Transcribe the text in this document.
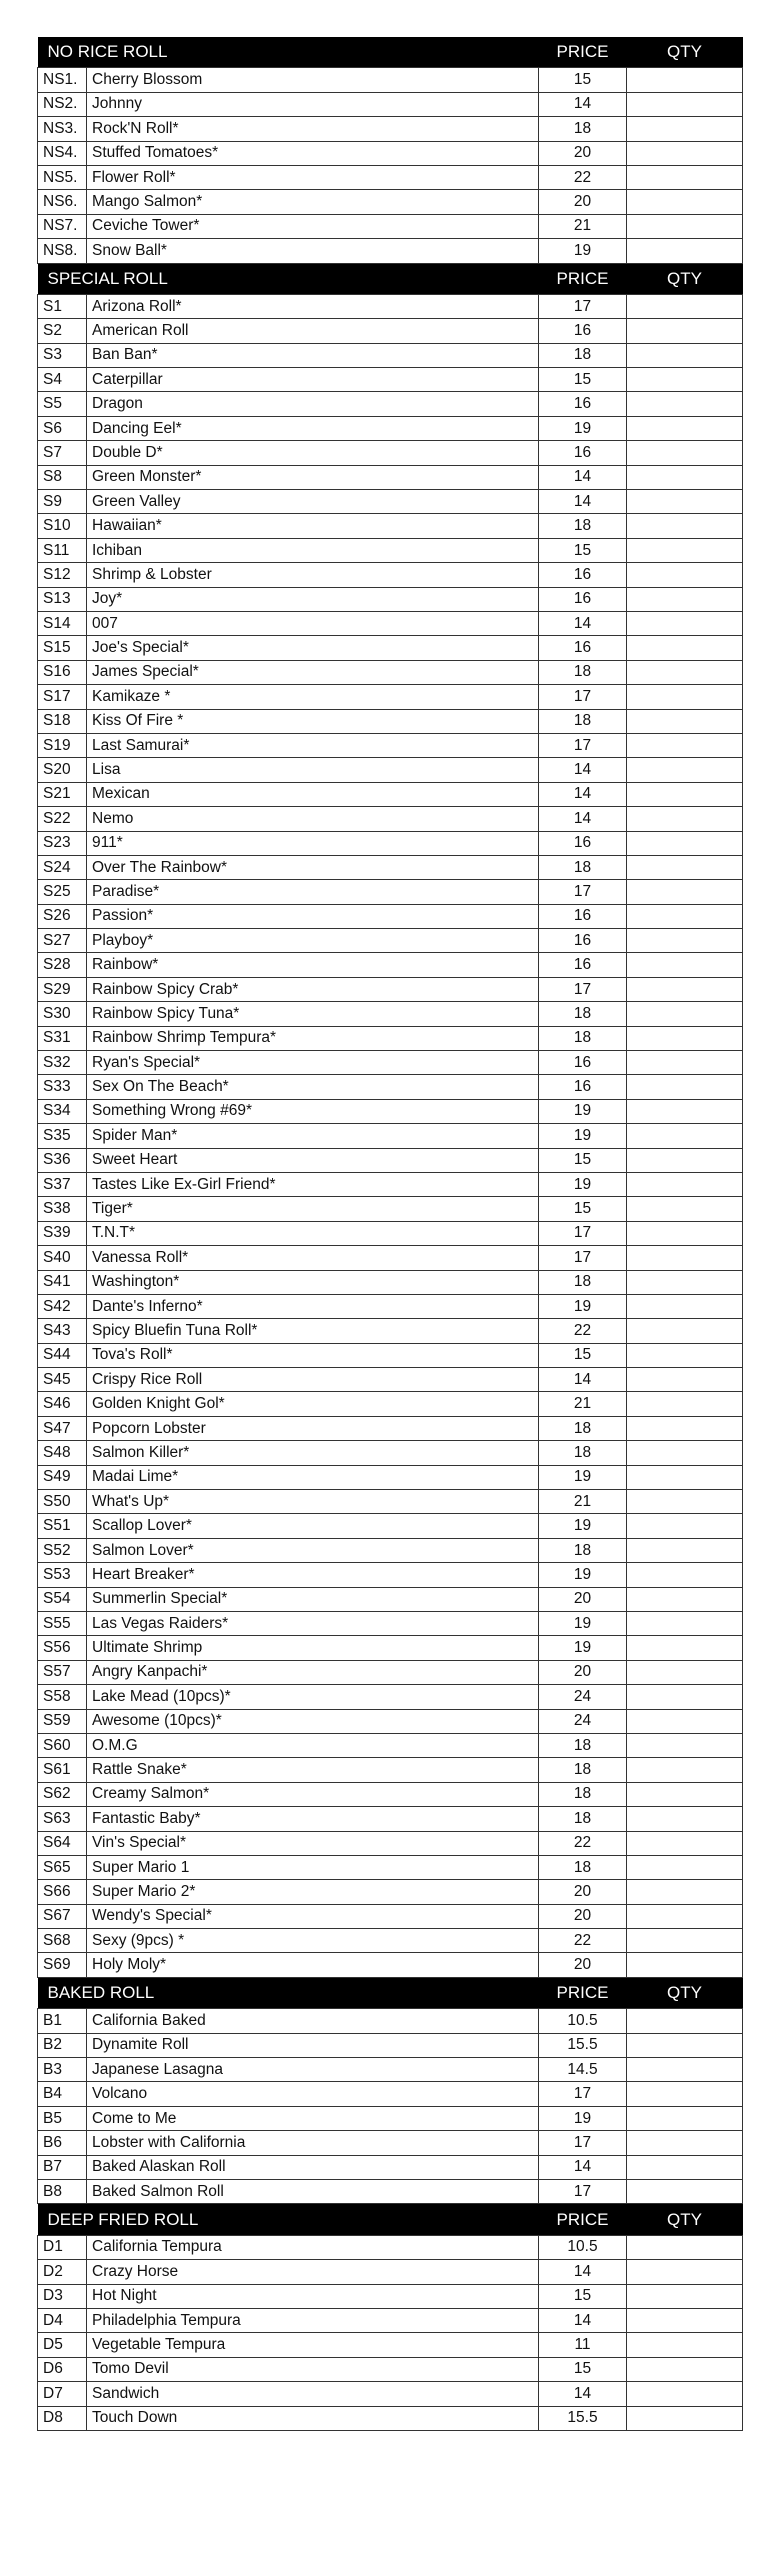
NO RICE ROLL		PRICE	QTY
NS1.	Cherry Blossom	15	
NS2.	Johnny	14	
NS3.	Rock'N Roll*	18	
NS4.	Stuffed Tomatoes*	20	
NS5.	Flower Roll*	22	
NS6.	Mango Salmon*	20	
NS7.	Ceviche Tower*	21	
NS8.	Snow Ball*	19	
SPECIAL ROLL		PRICE	QTY
S1	Arizona Roll*	17	
S2	American Roll	16	
S3	Ban Ban*	18	
S4	Caterpillar	15	
S5	Dragon	16	
S6	Dancing Eel*	19	
S7	Double D*	16	
S8	Green Monster*	14	
S9	Green Valley	14	
S10	Hawaiian*	18	
S11	Ichiban	15	
S12	Shrimp & Lobster	16	
S13	Joy*	16	
S14	007	14	
S15	Joe's Special*	16	
S16	James Special*	18	
S17	Kamikaze *	17	
S18	Kiss Of Fire *	18	
S19	Last Samurai*	17	
S20	Lisa	14	
S21	Mexican	14	
S22	Nemo	14	
S23	911*	16	
S24	Over The Rainbow*	18	
S25	Paradise*	17	
S26	Passion*	16	
S27	Playboy*	16	
S28	Rainbow*	16	
S29	Rainbow Spicy Crab*	17	
S30	Rainbow Spicy Tuna*	18	
S31	Rainbow Shrimp Tempura*	18	
S32	Ryan's Special*	16	
S33	Sex On The Beach*	16	
S34	Something Wrong #69*	19	
S35	Spider Man*	19	
S36	Sweet Heart	15	
S37	Tastes Like Ex-Girl Friend*	19	
S38	Tiger*	15	
S39	T.N.T*	17	
S40	Vanessa Roll*	17	
S41	Washington*	18	
S42	Dante's Inferno*	19	
S43	Spicy Bluefin Tuna Roll*	22	
S44	Tova's Roll*	15	
S45	Crispy Rice Roll	14	
S46	Golden Knight Gol*	21	
S47	Popcorn Lobster	18	
S48	Salmon Killer*	18	
S49	Madai Lime*	19	
S50	What's Up*	21	
S51	Scallop Lover*	19	
S52	Salmon Lover*	18	
S53	Heart Breaker*	19	
S54	Summerlin Special*	20	
S55	Las Vegas Raiders*	19	
S56	Ultimate Shrimp	19	
S57	Angry Kanpachi*	20	
S58	Lake Mead (10pcs)*	24	
S59	Awesome (10pcs)*	24	
S60	O.M.G	18	
S61	Rattle Snake*	18	
S62	Creamy Salmon*	18	
S63	Fantastic Baby*	18	
S64	Vin's Special*	22	
S65	Super Mario 1	18	
S66	Super Mario 2*	20	
S67	Wendy's Special*	20	
S68	Sexy (9pcs) *	22	
S69	Holy Moly*	20	
BAKED ROLL		PRICE	QTY
B1	California Baked	10.5	
B2	Dynamite Roll	15.5	
B3	Japanese Lasagna	14.5	
B4	Volcano	17	
B5	Come to Me	19	
B6	Lobster with California	17	
B7	Baked Alaskan Roll	14	
B8	Baked Salmon Roll	17	
DEEP FRIED ROLL		PRICE	QTY
D1	California Tempura	10.5	
D2	Crazy Horse	14	
D3	Hot Night	15	
D4	Philadelphia Tempura	14	
D5	Vegetable Tempura	11	
D6	Tomo Devil	15	
D7	Sandwich	14	
D8	Touch Down	15.5	
